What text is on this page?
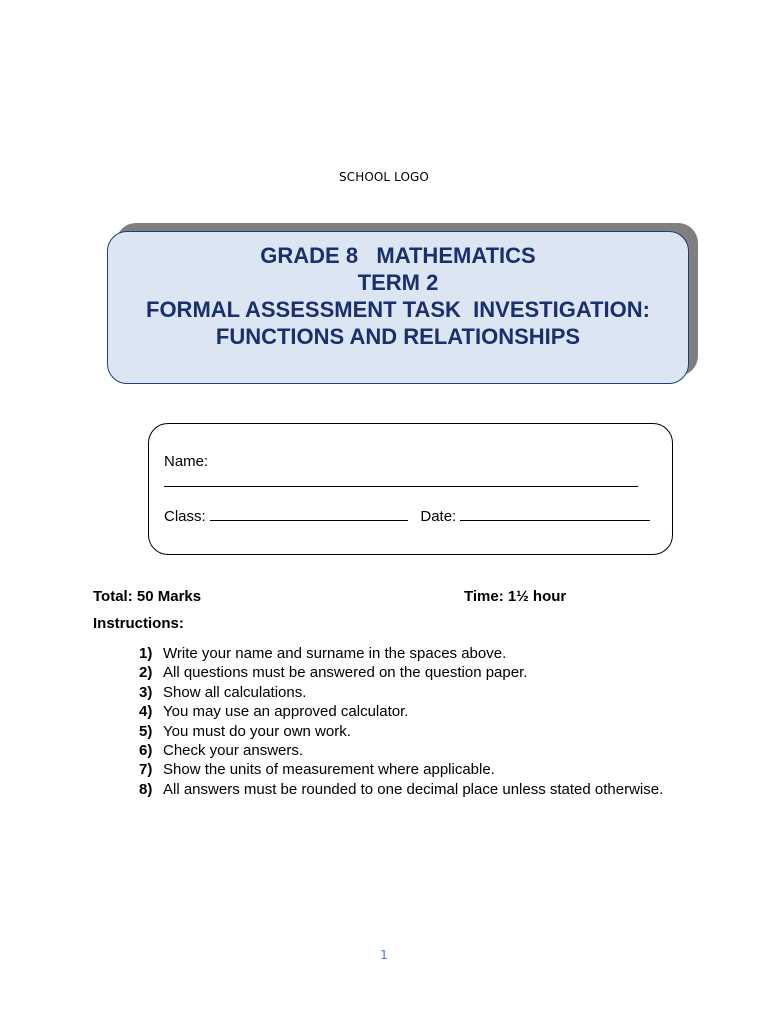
SCHOOL LOGO
GRADE 8   MATHEMATICS
TERM 2
FORMAL ASSESSMENT TASK  INVESTIGATION:
FUNCTIONS AND RELATIONSHIPS
Name:
Class:	Date:
Total: 50 Marks	Time: 1½ hour
Instructions:
1) Write your name and surname in the spaces above.
2) All questions must be answered on the question paper.
3) Show all calculations.
4) You may use an approved calculator.
5) You must do your own work.
6) Check your answers.
7) Show the units of measurement where applicable.
8) All answers must be rounded to one decimal place unless stated otherwise.
1
